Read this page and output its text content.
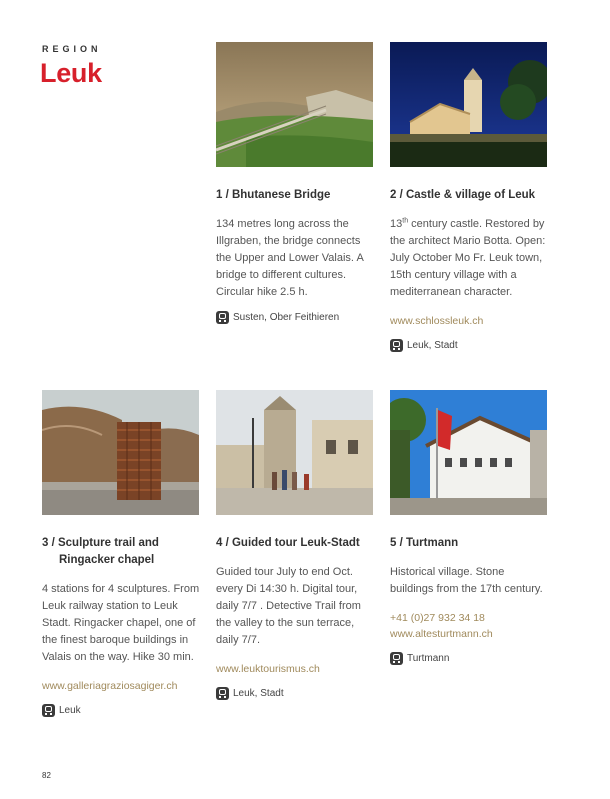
REGION
Leuk
1 / Bhutanese Bridge
134 metres long across the Illgraben, the bridge connects the Upper and Lower Valais. A bridge to different cultures. Circular hike 2.5 h.
Susten, Ober Feithieren
2 / Castle & village of Leuk
13th century castle. Restored by the architect Mario Botta. Open: July October Mo Fr. Leuk town, 15th century village with a mediterranean character.
www.schlossleuk.ch
Leuk, Stadt
3 / Sculpture trail and
Ringacker chapel
4 stations for 4 sculptures. From Leuk railway station to Leuk Stadt. Ringacker chapel, one of the finest baroque buildings in Valais on the way. Hike 30 min.
www.galleriagraziosagiger.ch
Leuk
4 / Guided tour Leuk-Stadt
Guided tour July to end Oct. every Di 14:30 h. Digital tour, daily 7/7 . Detective Trail from the valley to the sun terrace, daily 7/7.
www.leuktourismus.ch
Leuk, Stadt
5 / Turtmann
Historical village. Stone buildings from the 17th century.
+41 (0)27 932 34 18
www.altesturtmann.ch
Turtmann
82
